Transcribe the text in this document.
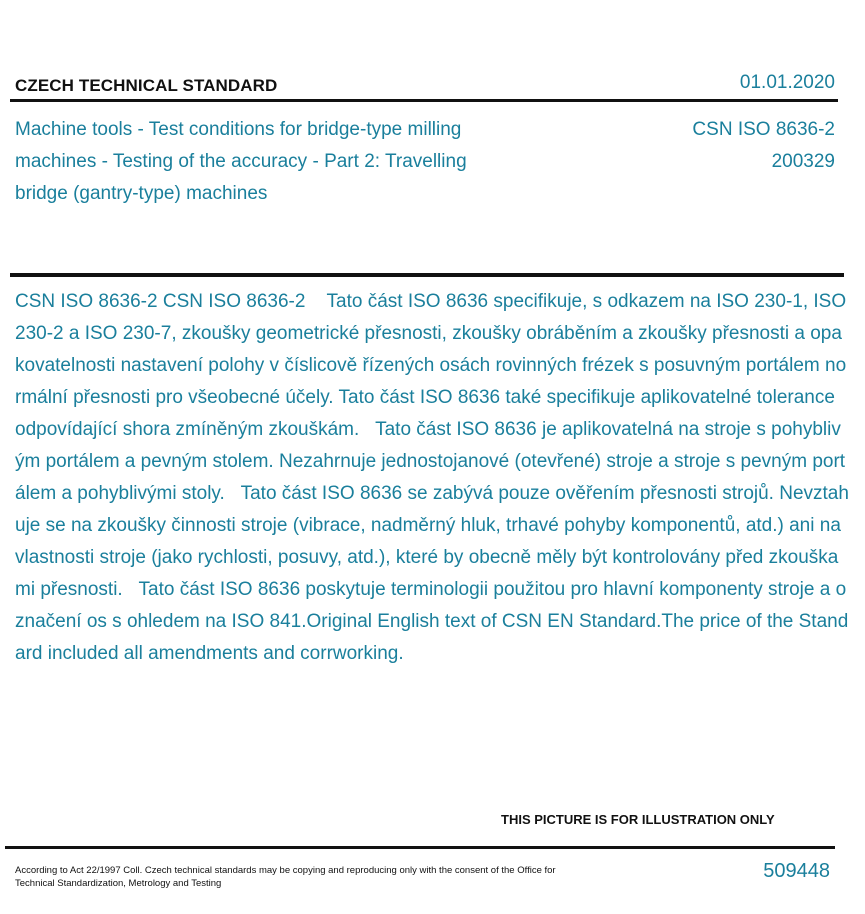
CZECH TECHNICAL STANDARD	01.01.2020
Machine tools - Test conditions for bridge-type milling machines - Testing of the accuracy - Part 2: Travelling bridge (gantry-type) machines
CSN ISO 8636-2
200329
CSN ISO 8636-2 CSN ISO 8636-2    Tato část ISO 8636 specifikuje, s odkazem na ISO 230-1, ISO 230-2 a ISO 230-7, zkoušky geometrické přesnosti, zkoušky obráběním a zkoušky přesnosti a opakovatelnosti nastavení polohy v číslicově řízených osách rovinných frézek s posuvným portálem normální přesnosti pro všeobecné účely. Tato část ISO 8636 také specifikuje aplikovatelné tolerance odpovídající shora zmíněným zkouškám.   Tato část ISO 8636 je aplikovatelná na stroje s pohyblivým portálem a pevným stolem. Nezahrnuje jednostojanové (otevřené) stroje a stroje s pevným portálem a pohyblivými stoly.   Tato část ISO 8636 se zabývá pouze ověřením přesnosti strojů. Nevztahuje se na zkoušky činnosti stroje (vibrace, nadměrný hluk, trhavé pohyby komponentů, atd.) ani na vlastnosti stroje (jako rychlosti, posuvy, atd.), které by obecně měly být kontrolovány před zkouškami přesnosti.   Tato část ISO 8636 poskytuje terminologii použitou pro hlavní komponenty stroje a označení os s ohledem na ISO 841.Original English text of CSN EN Standard.The price of the Standard included all amendments and corrworking.
THIS PICTURE IS FOR ILLUSTRATION ONLY
According to Act 22/1997 Coll. Czech technical standards may be copying and reproducing only with the consent of the Office for Technical Standardization, Metrology and Testing
509448
